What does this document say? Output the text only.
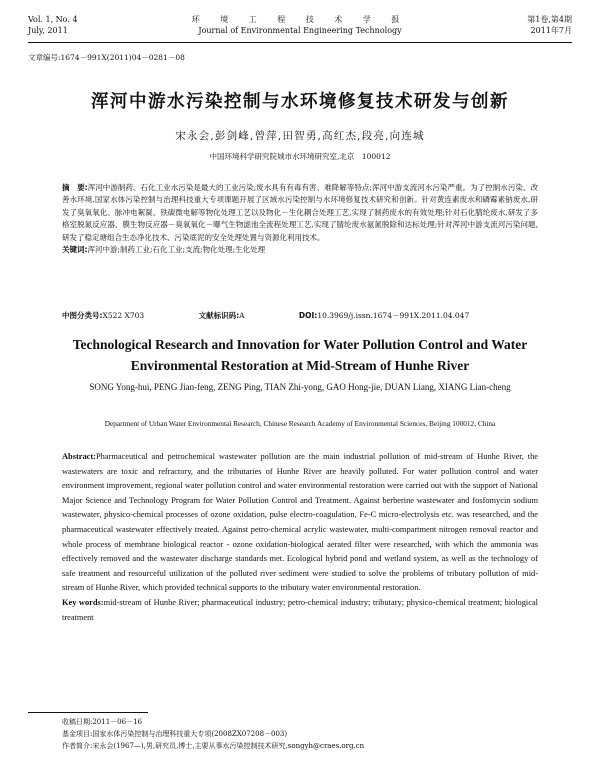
Vol. 1, No. 4
July, 2011
环 境 工 程 技 术 学 报
Journal of Environmental Engineering Technology
第1卷,第4期
2011年7月
文章编号:1674－991X(2011)04－0281－08
浑河中游水污染控制与水环境修复技术研发与创新
宋永会,彭剑峰,曾萍,田智勇,高红杰,段亮,向连城
中国环境科学研究院城市水环境研究室,北京　100012
摘　要:浑河中游制药、石化工业水污染是最大的工业污染,废水具有有毒有害、难降解等特点;浑河中游支流河水污染严重。为了控制水污染、改善水环境,国家水体污染控制与治理科技重大专项课题开展了区域水污染控制与水环境修复技术研究和创新。针对黄连素废水和磷霉素钠废水,研发了臭氧氧化、脉冲电絮凝、铁碳微电解等物化处理工艺以及物化－生化耦合处理工艺,实现了制药废水的有效处理;针对石化腈纶废水,研发了多格室脱氮反应器、膜生物反应器－臭氧氧化－曝气生物滤池全流程处理工艺,实现了腈纶废水氨氮脱除和达标处理;针对浑河中游支流河污染问题,研发了稳定塘组合生态净化技术、污染底泥的安全处理处置与资源化利用技术。
关键词:浑河中游;制药工业;石化工业;支流;物化处理;生化处理
中图分类号:X522 X703	文献标识码:A	DOI:10.3969/j.issn.1674－991X.2011.04.047
Technological Research and Innovation for Water Pollution Control and Water Environmental Restoration at Mid-Stream of Hunhe River
SONG Yong-hui, PENG Jian-feng, ZENG Ping, TIAN Zhi-yong, GAO Hong-jie, DUAN Liang, XIANG Lian-cheng
Department of Urban Water Environmental Research, Chinese Research Academy of Environmental Sciences, Beijing 100012, China
Abstract:Pharmaceutical and petrochemical wastewater pollution are the main industrial pollution of mid-stream of Hunhe River, the wastewaters are toxic and refractory, and the tributaries of Hunhe River are heavily polluted. For water pollution control and water environment improvement, regional water pollution control and water environmental restoration were carried out with the support of National Major Science and Technology Program for Water Pollution Control and Treatment. Against berberine wastewater and fosfomycin sodium wastewater, physico-chemical processes of ozone oxidation, pulse electro-coagulation, Fe-C micro-electrolysis etc. was researched, and the pharmaceutical wastewater effectively treated. Against petro-chemical acrylic wastewater, multi-compartment nitrogen removal reactor and whole process of membrane biological reactor - ozone oxidation-biological aerated filter were researched, with which the ammonia was effectively removed and the wastewater discharge standards met. Ecological hybrid pond and wetland system, as well as the technology of safe treatment and resourceful utilization of the polluted river sediment were studied to solve the problems of tributary pollution of mid-stream of Hunhe River, which provided technical supports to the tributary water environmental restoration.
Key words:mid-stream of Hunhe River; pharmaceutical industry; petro-chemical industry; tributary; physico-chemical treatment; biological treatment
收稿日期:2011－06－16
基金项目:国家水体污染控制与治理科技重大专项(2008ZX07208－003)
作者简介:宋永会(1967—),男,研究员,博士,主要从事水污染控制技术研究,songyh@craes.org.cn
